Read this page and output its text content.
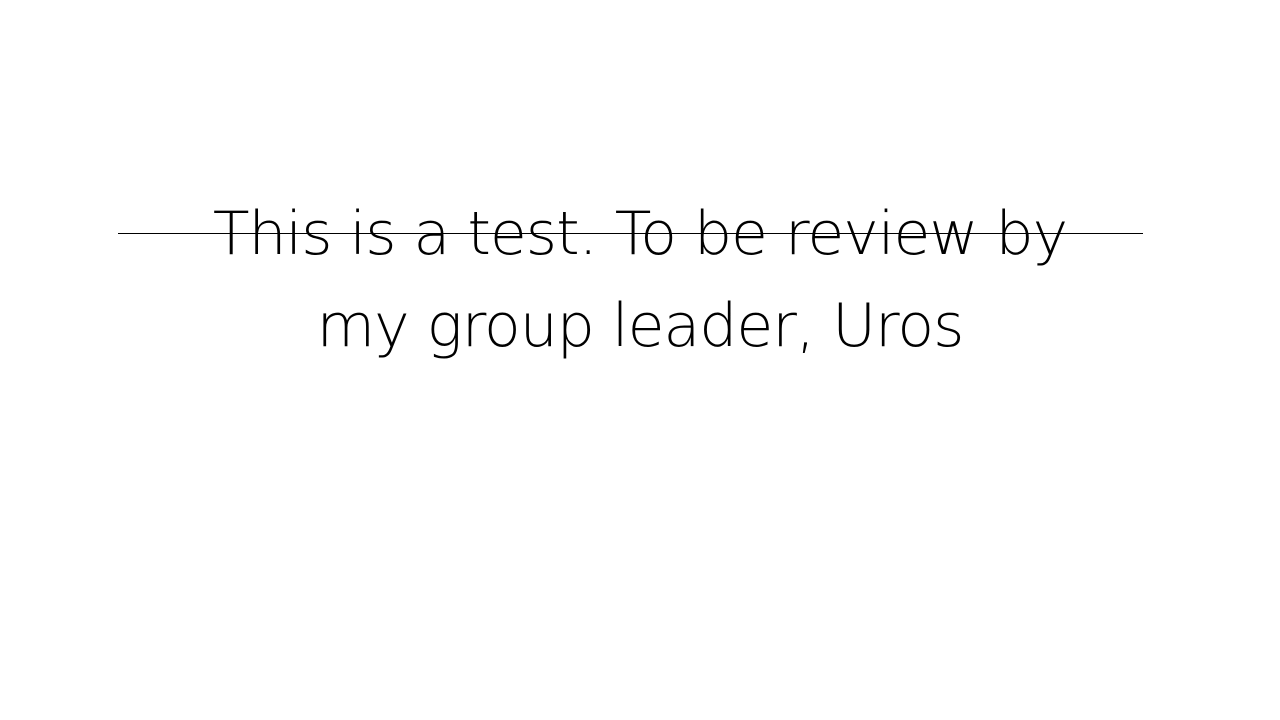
This is a test. To be review by
my group leader, Uros
